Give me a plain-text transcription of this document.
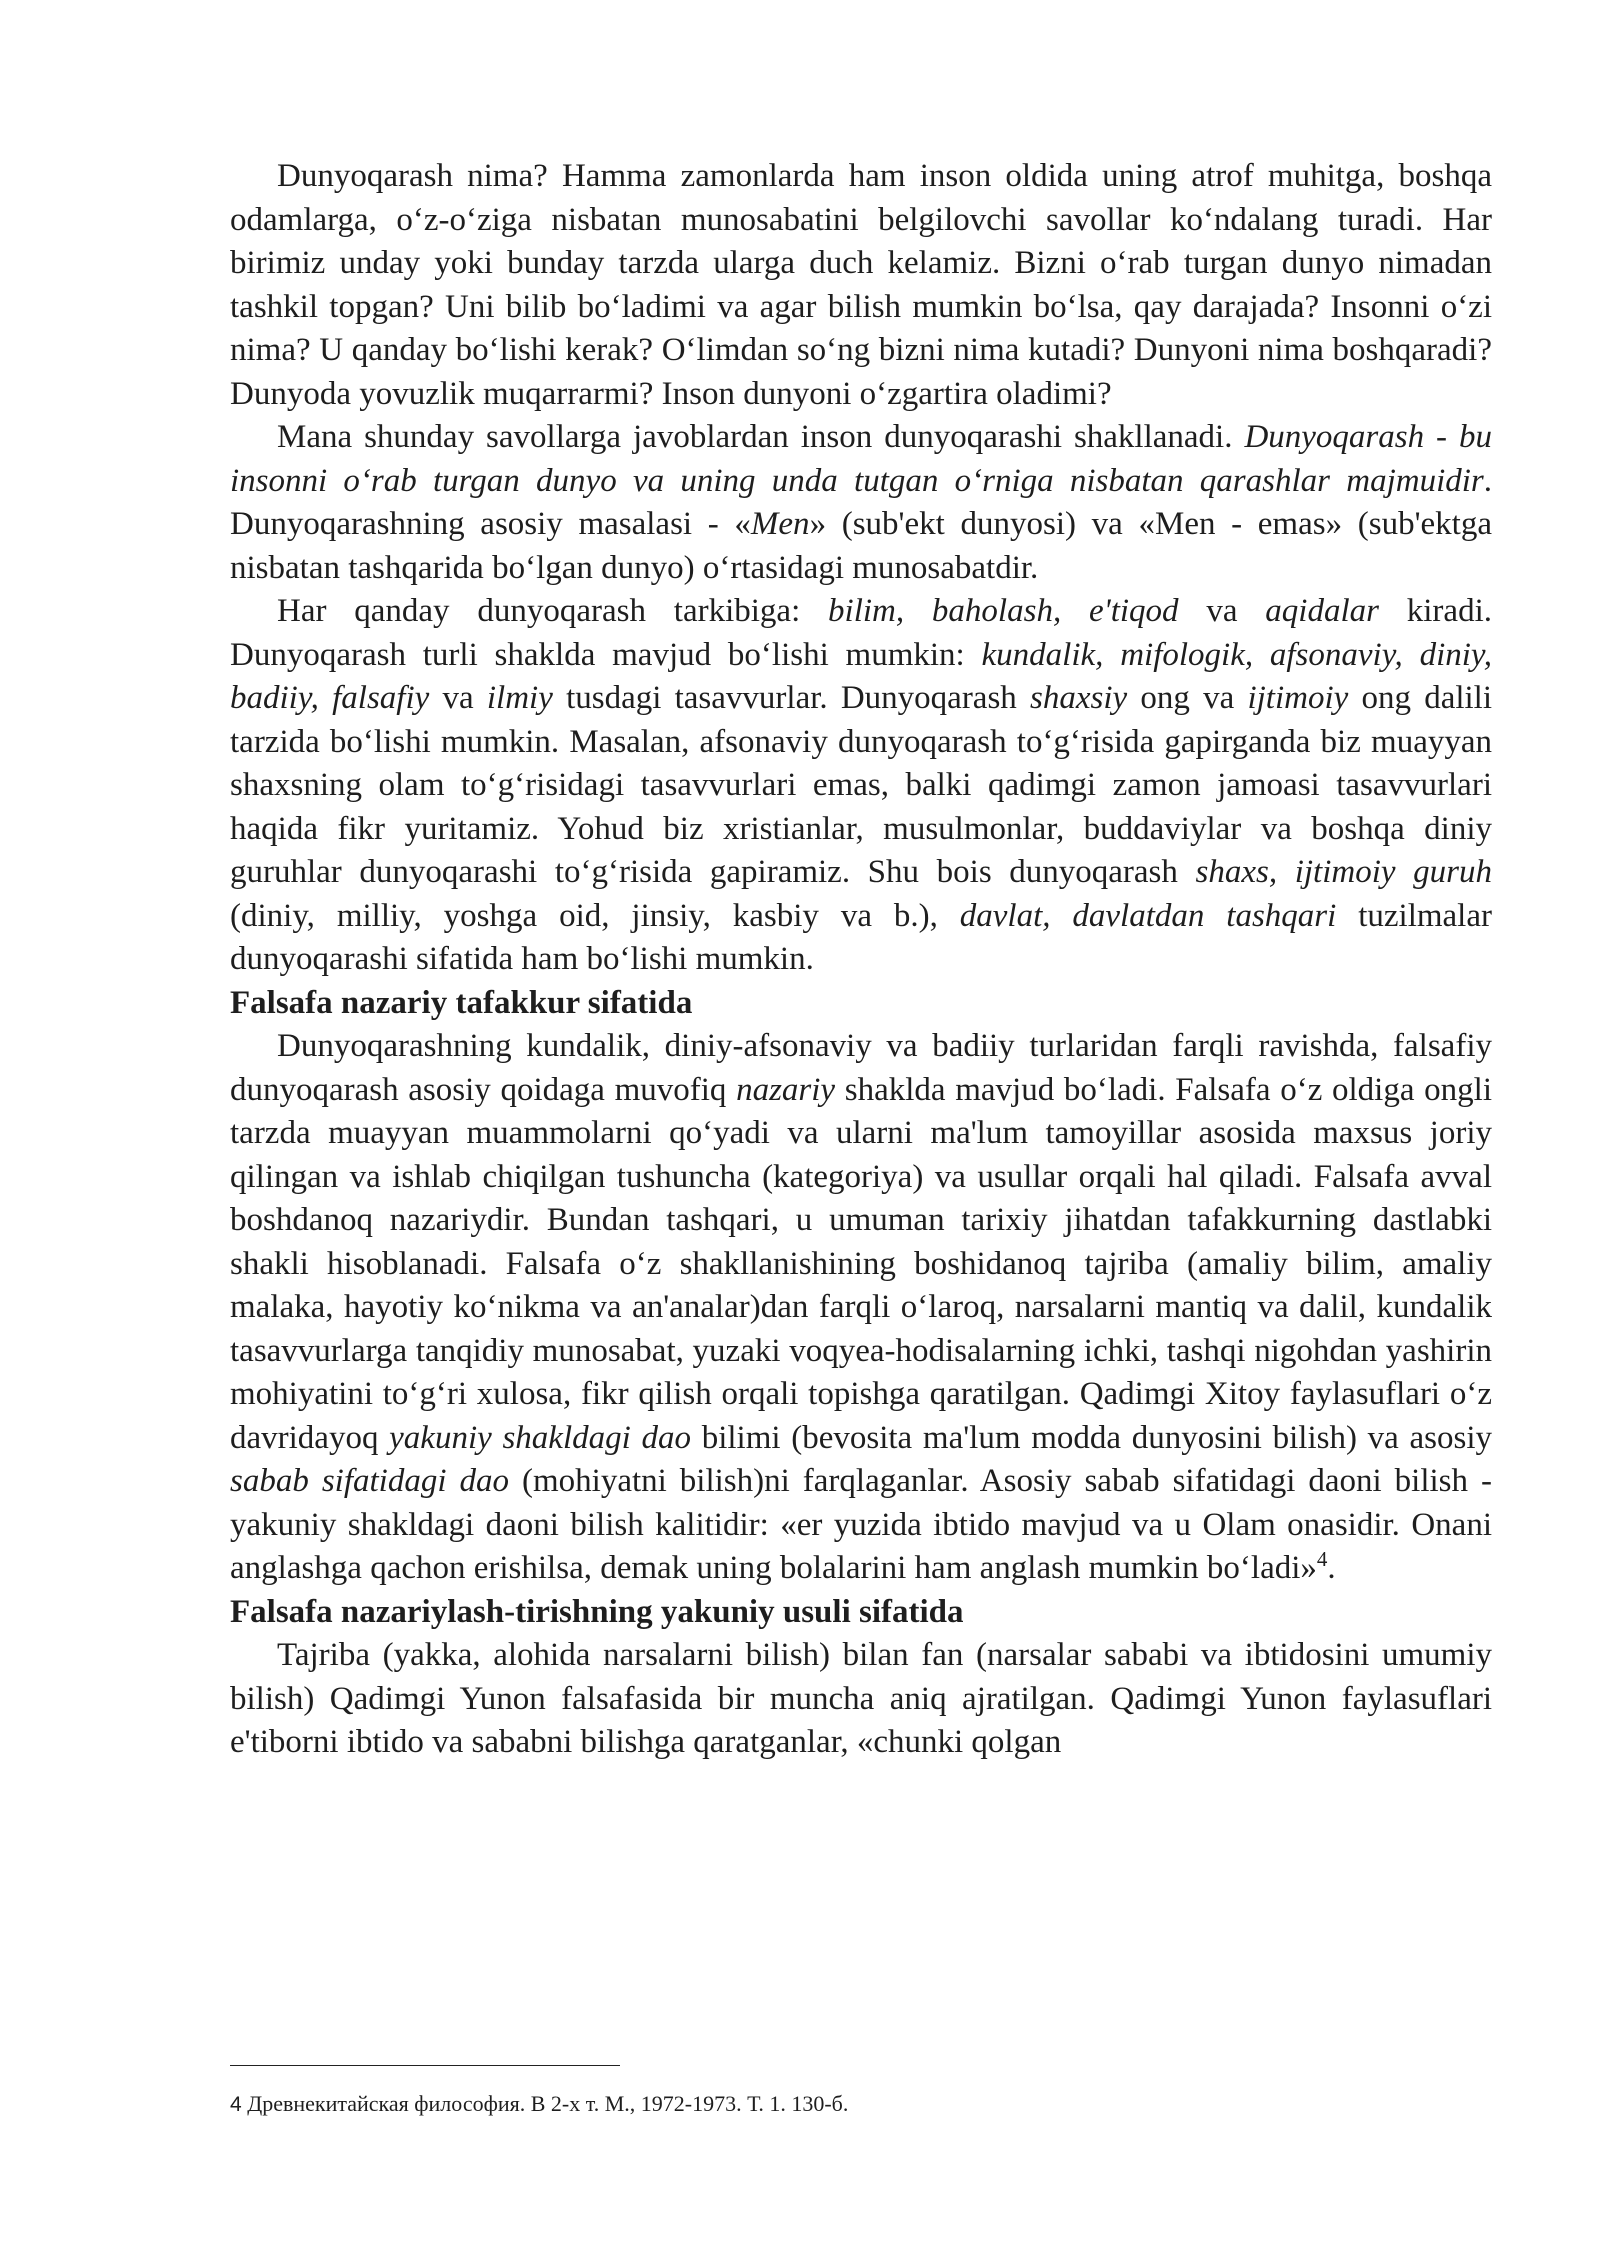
Dunyoqarash nima? Hamma zamonlarda ham inson oldida uning atrof muhitga, boshqa odamlarga, o‘z-o‘ziga nisbatan munosabatini belgilovchi savollar ko‘ndalang turadi. Har birimiz unday yoki bunday tarzda ularga duch kelamiz. Bizni o‘rab turgan dunyo nimadan tashkil topgan? Uni bilib bo‘ladimi va agar bilish mumkin bo‘lsa, qay darajada? Insonni o‘zi nima? U qanday bo‘lishi kerak? O‘limdan so‘ng bizni nima kutadi? Dunyoni nima boshqaradi? Dunyoda yovuzlik muqarrarmi? Inson dunyoni o‘zgartira oladimi?

Mana shunday savollarga javoblardan inson dunyoqarashi shakllanadi. Dunyoqarash - bu insonni o‘rab turgan dunyo va uning unda tutgan o‘rniga nisbatan qarashlar majmuidir. Dunyoqarashning asosiy masalasi - «Men» (sub'ekt dunyosi) va «Men - emas» (sub'ektga nisbatan tashqarida bo‘lgan dunyo) o‘rtasidagi munosabatdir.

Har qanday dunyoqarash tarkibiga: bilim, baholash, e'tiqod va aqidalar kiradi. Dunyoqarash turli shaklda mavjud bo‘lishi mumkin: kundalik, mifologik, afsonaviy, diniy, badiiy, falsafiy va ilmiy tusdagi tasavvurlar. Dunyoqarash shaxsiy ong va ijtimoiy ong dalili tarzida bo‘lishi mumkin. Masalan, afsonaviy dunyoqarash to‘g‘risida gapirganda biz muayyan shaxsning olam to‘g‘risidagi tasavvurlari emas, balki qadimgi zamon jamoasi tasavvurlari haqida fikr yuritamiz. Yohud biz xristianlar, musulmonlar, buddaviylar va boshqa diniy guruhlar dunyoqarashi to‘g‘risida gapiramiz. Shu bois dunyoqarash shaxs, ijtimoiy guruh (diniy, milliy, yoshga oid, jinsiy, kasbiy va b.), davlat, davlatdan tashqari tuzilmalar dunyoqarashi sifatida ham bo‘lishi mumkin.

Falsafa nazariy tafakkur sifatida

Dunyoqarashning kundalik, diniy-afsonaviy va badiiy turlaridan farqli ravishda, falsafiy dunyoqarash asosiy qoidaga muvofiq nazariy shaklda mavjud bo‘ladi. Falsafa o‘z oldiga ongli tarzda muayyan muammolarni qo‘yadi va ularni ma'lum tamoyillar asosida maxsus joriy qilingan va ishlab chiqilgan tushuncha (kategoriya) va usullar orqali hal qiladi. Falsafa avval boshdanoq nazariydir. Bundan tashqari, u umuman tarixiy jihatdan tafakkurning dastlabki shakli hisoblanadi. Falsafa o‘z shakllanishining boshidanoq tajriba (amaliy bilim, amaliy malaka, hayotiy ko‘nikma va an'analar)dan farqli o‘laroq, narsalarni mantiq va dalil, kundalik tasavvurlarga tanqidiy munosabat, yuzaki voqyea-hodisalarning ichki, tashqi nigohdan yashirin mohiyatini to‘g‘ri xulosa, fikr qilish orqali topishga qaratilgan. Qadimgi Xitoy faylasuflari o‘z davridayoq yakuniy shakldagi dao bilimi (bevosita ma'lum modda dunyosini bilish) va asosiy sabab sifatidagi dao (mohiyatni bilish)ni farqlaganlar. Asosiy sabab sifatidagi daoni bilish - yakuniy shakldagi daoni bilish kalitidir: «er yuzida ibtido mavjud va u Olam onasidir. Onani anglashga qachon erishilsa, demak uning bolalarini ham anglash mumkin bo‘ladi»$^4$.

Falsafa nazariylash-tirishning yakuniy usuli sifatida

Tajriba (yakka, alohida narsalarni bilish) bilan fan (narsalar sababi va ibtidosini umumiy bilish) Qadimgi Yunon falsafasida bir muncha aniq ajratilgan. Qadimgi Yunon faylasuflari e'tiborni ibtido va sababni bilishga qaratganlar, «chunki qolgan

4 Древнекитайская философия. В 2-х т. М., 1972-1973. Т. 1. 130-б.
